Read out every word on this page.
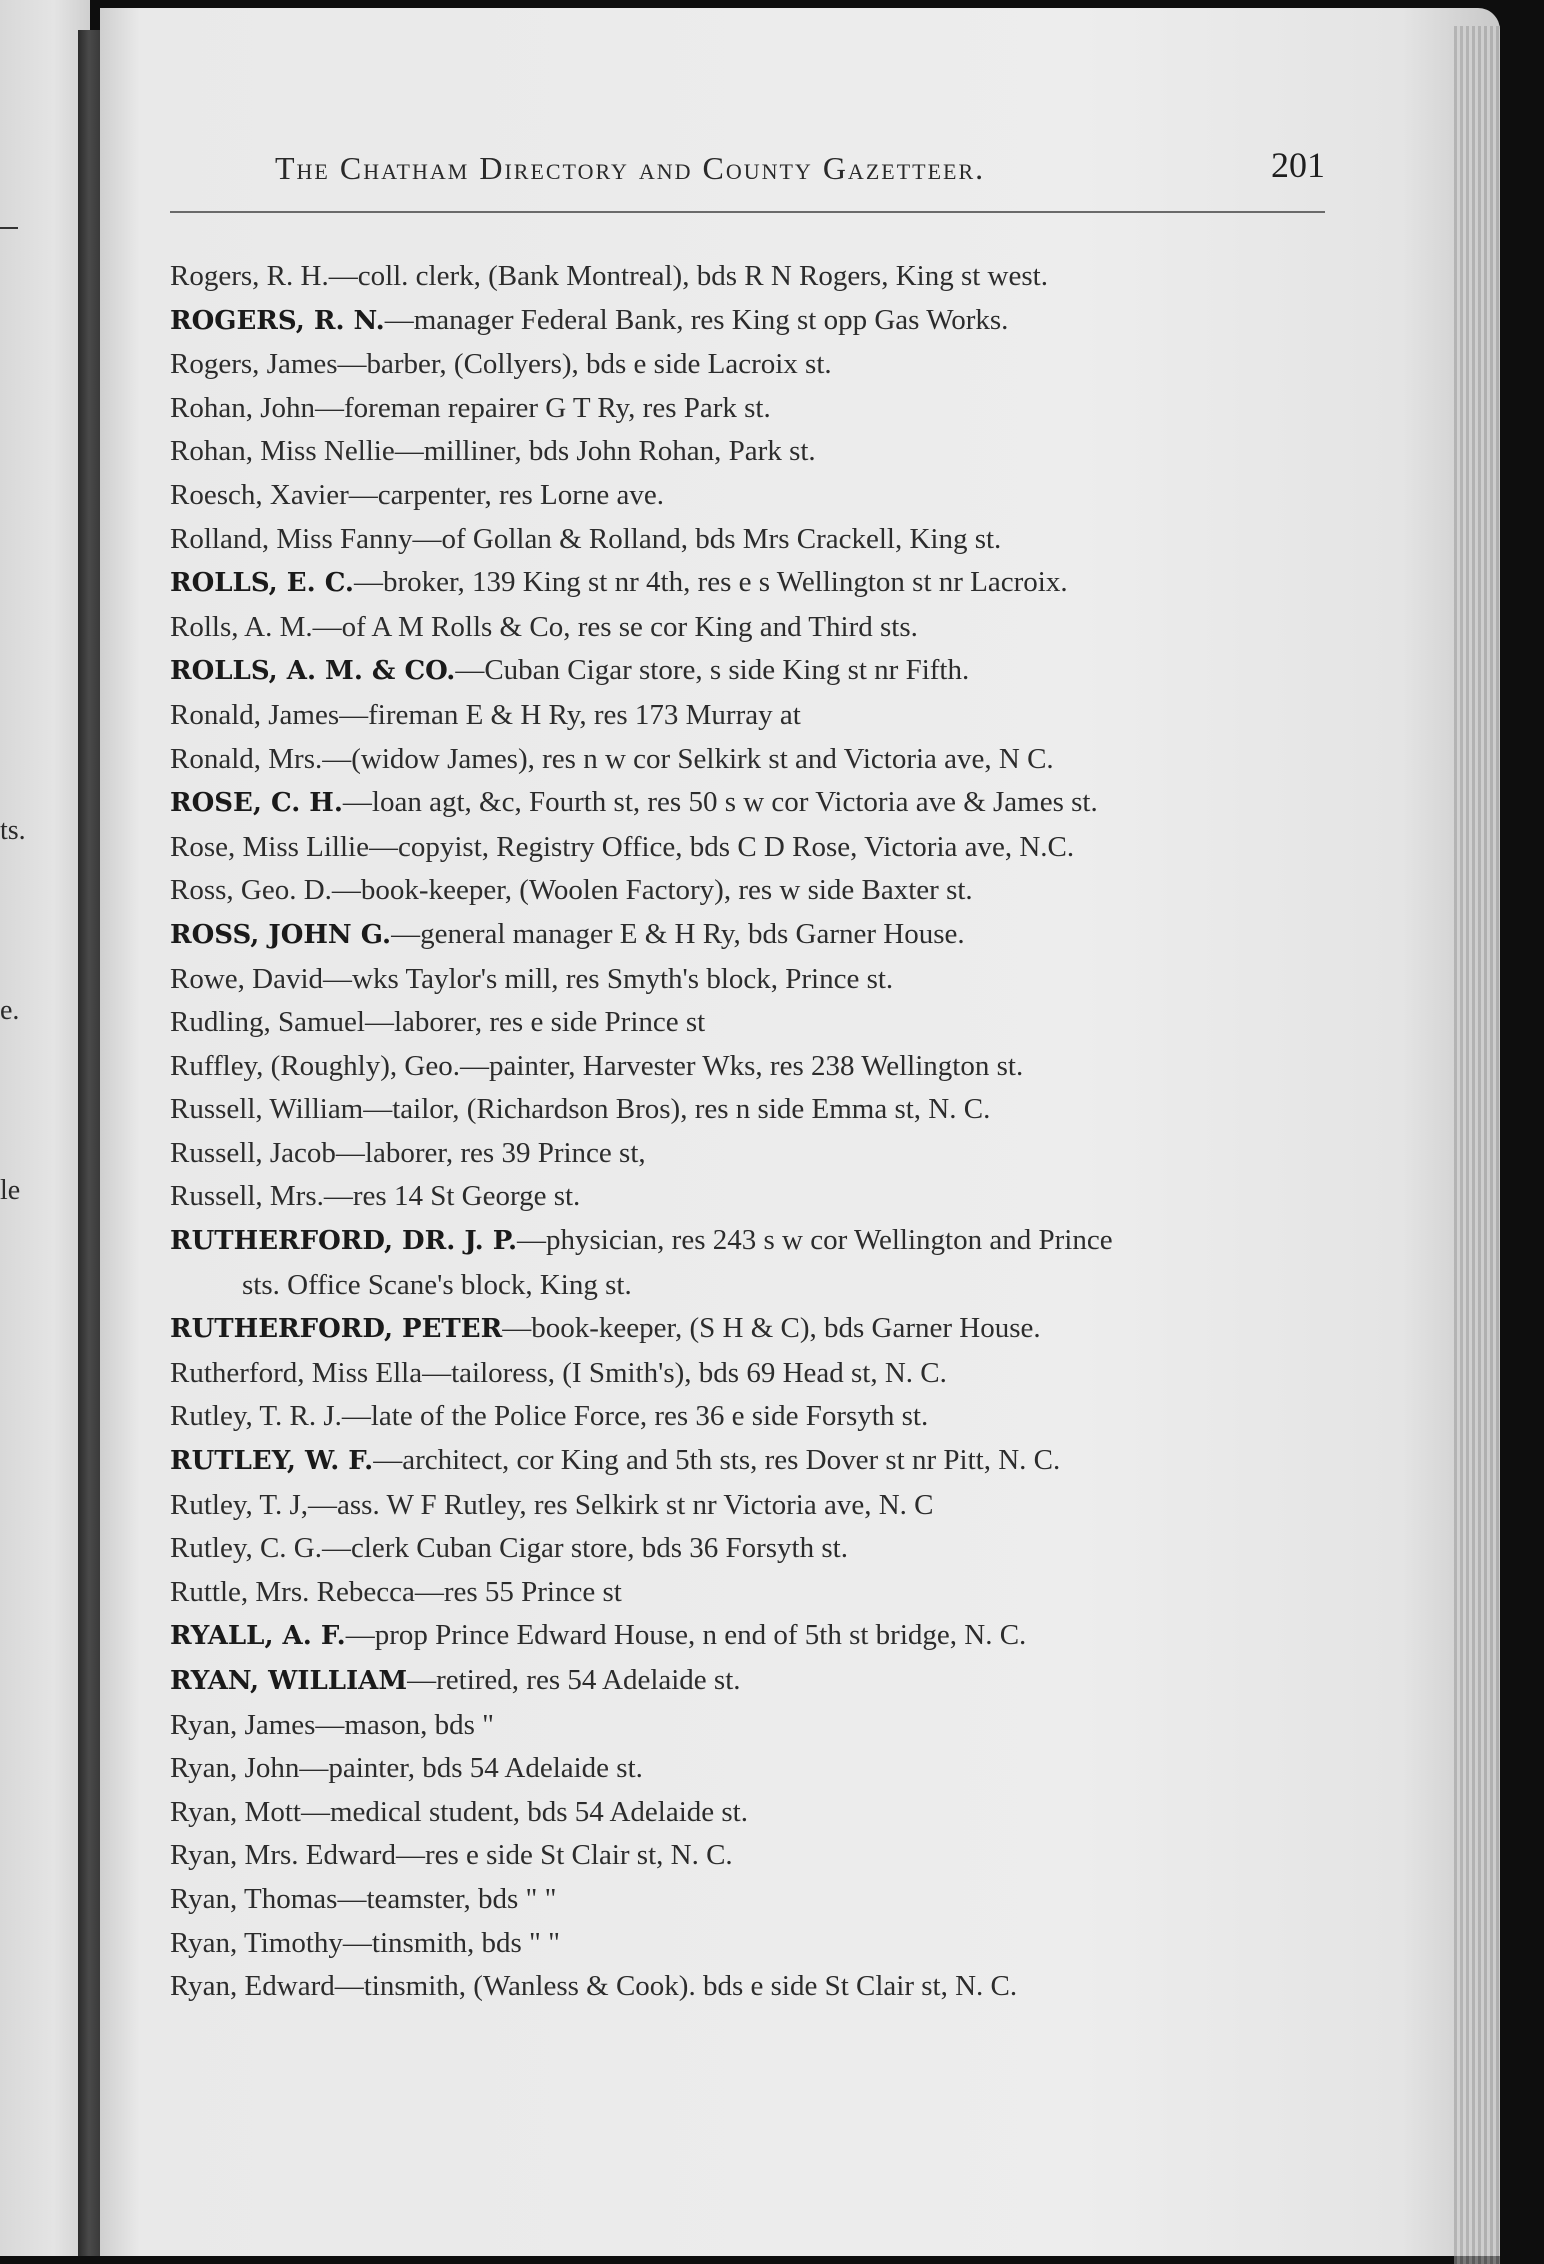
ts.
e.
le
The Chatham Directory and County Gazetteer.	201

Rogers, R. H.—coll. clerk, (Bank Montreal), bds R N Rogers, King st west.

ROGERS, R. N.—manager Federal Bank, res King st opp Gas Works.

Rogers, James—barber, (Collyers), bds e side Lacroix st.

Rohan, John—foreman repairer G T Ry, res Park st.

Rohan, Miss Nellie—milliner, bds John Rohan, Park st.

Roesch, Xavier—carpenter, res Lorne ave.

Rolland, Miss Fanny—of Gollan & Rolland, bds Mrs Crackell, King st.

ROLLS, E. C.—broker, 139 King st nr 4th, res e s Wellington st nr Lacroix.

Rolls, A. M.—of A M Rolls & Co, res se cor King and Third sts.

ROLLS, A. M. & CO.—Cuban Cigar store, s side King st nr Fifth.

Ronald, James—fireman E & H Ry, res 173 Murray at

Ronald, Mrs.—(widow James), res n w cor Selkirk st and Victoria ave, N C.

ROSE, C. H.—loan agt, &c, Fourth st, res 50 s w cor Victoria ave & James st.

Rose, Miss Lillie—copyist, Registry Office, bds C D Rose, Victoria ave, N.C.

Ross, Geo. D.—book-keeper, (Woolen Factory), res w side Baxter st.

ROSS, JOHN G.—general manager E & H Ry, bds Garner House.

Rowe, David—wks Taylor's mill, res Smyth's block, Prince st.

Rudling, Samuel—laborer, res e side Prince st

Ruffley, (Roughly), Geo.—painter, Harvester Wks, res 238 Wellington st.

Russell, William—tailor, (Richardson Bros), res n side Emma st, N. C.

Russell, Jacob—laborer, res 39 Prince st,

Russell, Mrs.—res 14 St George st.

RUTHERFORD, DR. J. P.—physician, res 243 s w cor Wellington and Prince

sts. Office Scane's block, King st.

RUTHERFORD, PETER—book-keeper, (S H & C), bds Garner House.

Rutherford, Miss Ella—tailoress, (I Smith's), bds 69 Head st, N. C.

Rutley, T. R. J.—late of the Police Force, res 36 e side Forsyth st.

RUTLEY, W. F.—architect, cor King and 5th sts, res Dover st nr Pitt, N. C.

Rutley, T. J,—ass. W F Rutley, res Selkirk st nr Victoria ave, N. C

Rutley, C. G.—clerk Cuban Cigar store, bds 36 Forsyth st.

Ruttle, Mrs. Rebecca—res 55 Prince st

RYALL, A. F.—prop Prince Edward House, n end of 5th st bridge, N. C.

RYAN, WILLIAM—retired, res 54 Adelaide st.

Ryan, James—mason, bds "

Ryan, John—painter, bds 54 Adelaide st.

Ryan, Mott—medical student, bds 54 Adelaide st.

Ryan, Mrs. Edward—res e side St Clair st, N. C.

Ryan, Thomas—teamster, bds " "

Ryan, Timothy—tinsmith, bds " "

Ryan, Edward—tinsmith, (Wanless & Cook). bds e side St Clair st, N. C.
